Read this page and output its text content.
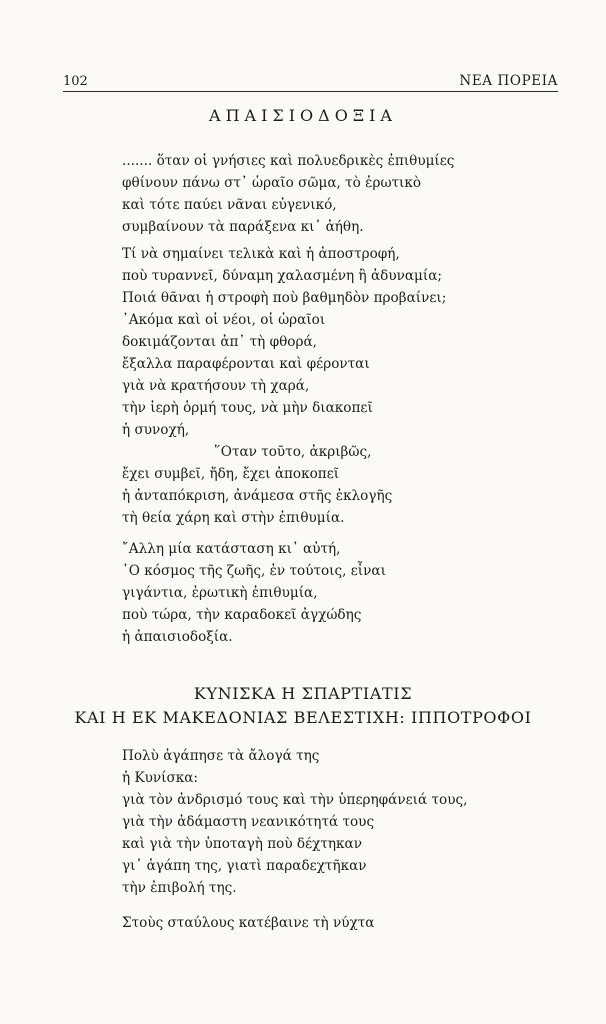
102	ΝΕΑ ΠΟΡΕΙΑ
ΑΠΑΙΣΙΟΔΟΞΙΑ
....... ὅταν οἱ γνήσιες καὶ πολυεδρικὲς ἐπιθυμίες
φθίνουν πάνω στ᾽ ὡραῖο σῶμα, τὸ ἐρωτικὸ
καὶ τότε παύει νᾶναι εὐγενικό,
συμβαίνουν τὰ παράξενα κι᾽ ἀήθη.
Τί νὰ σημαίνει τελικὰ καὶ ἡ ἀποστροφή,
ποὺ τυραννεῖ, δύναμη χαλασμένη ἢ ἀδυναμία;
Ποιά θᾶναι ἡ στροφὴ ποὺ βαθμηδὸν προβαίνει;
᾽Ακόμα καὶ οἱ νέοι, οἱ ὡραῖοι
δοκιμάζονται ἀπ᾽ τὴ φθορά,
ἔξαλλα παραφέρονται καὶ φέρονται
γιὰ νὰ κρατήσουν τὴ χαρά,
τὴν ἱερὴ ὁρμή τους, νὰ μὴν διακοπεῖ
ἡ συνοχή,
῞Οταν τοῦτο, ἀκριβῶς,
ἔχει συμβεῖ, ἤδη, ἔχει ἀποκοπεῖ
ἡ ἀνταπόκριση, ἀνάμεσα στῆς ἐκλογῆς
τὴ θεία χάρη καὶ στὴν ἐπιθυμία.
῎Αλλη μία κατάσταση κι᾽ αὐτή,
῾Ο κόσμος τῆς ζωῆς, ἐν τούτοις, εἶναι
γιγάντια, ἐρωτικὴ ἐπιθυμία,
ποὺ τώρα, τὴν καραδοκεῖ ἀγχώδης
ἡ ἀπαισιοδοξία.
ΚΥΝΙΣΚΑ Η ΣΠΑΡΤΙΑΤΙΣ
ΚΑΙ Η ΕΚ ΜΑΚΕΔΟΝΙΑΣ ΒΕΛΕΣΤΙΧΗ: ΙΠΠΟΤΡΟΦΟΙ
Πολὺ ἀγάπησε τὰ ἄλογά της
ἡ Κυνίσκα:
γιὰ τὸν ἀνδρισμό τους καὶ τὴν ὑπερηφάνειά τους,
γιὰ τὴν ἀδάμαστη νεανικότητά τους
καὶ γιὰ τὴν ὑποταγὴ ποὺ δέχτηκαν
γι᾽ ἀγάπη της, γιατὶ παραδεχτῆκαν
τὴν ἐπιβολή της.
Στοὺς σταύλους κατέβαινε τὴ νύχτα
